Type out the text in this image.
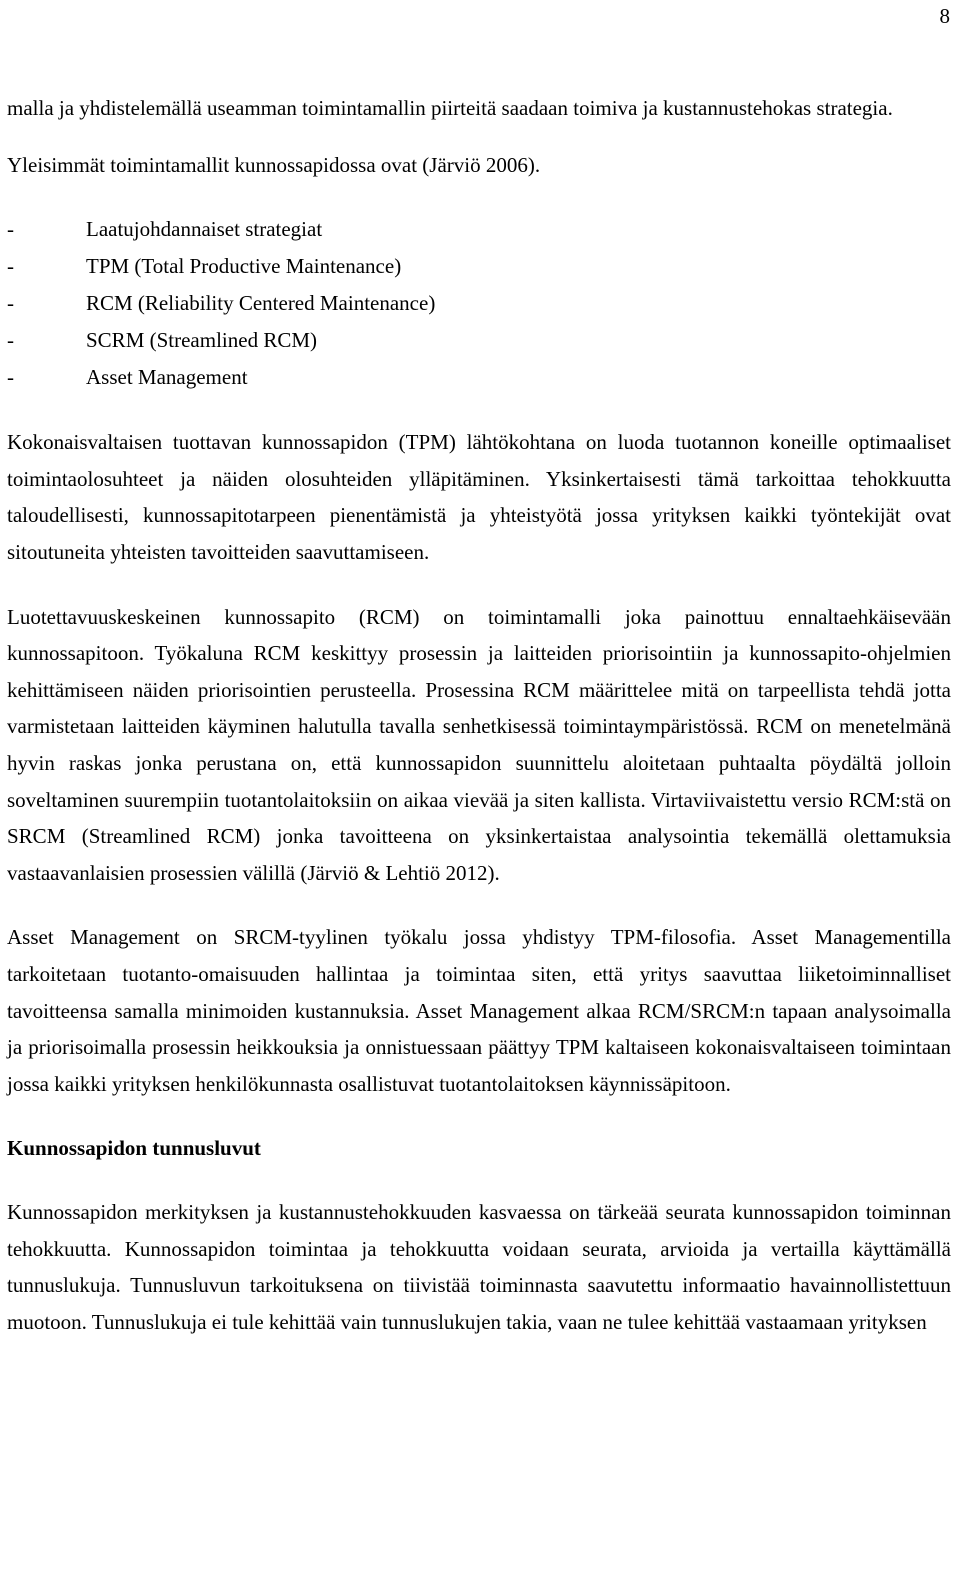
8

malla ja yhdistelemällä useamman toimintamallin piirteitä saadaan toimiva ja kustannustehokas strategia.

Yleisimmät toimintamallit kunnossapidossa ovat (Järviö 2006).

-	Laatujohdannaiset strategiat
-	TPM (Total Productive Maintenance)
-	RCM (Reliability Centered Maintenance)
-	SCRM (Streamlined RCM)
-	Asset Management

Kokonaisvaltaisen tuottavan kunnossapidon (TPM) lähtökohtana on luoda tuotannon koneille optimaaliset toimintaolosuhteet ja näiden olosuhteiden ylläpitäminen. Yksinkertaisesti tämä tarkoittaa tehokkuutta taloudellisesti, kunnossapitotarpeen pienentämistä ja yhteistyötä jossa yrityksen kaikki työntekijät ovat sitoutuneita yhteisten tavoitteiden saavuttamiseen.

Luotettavuuskeskeinen kunnossapito (RCM) on toimintamalli joka painottuu ennaltaehkäisevään kunnossapitoon. Työkaluna RCM keskittyy prosessin ja laitteiden priorisointiin ja kunnossapito-ohjelmien kehittämiseen näiden priorisointien perusteella. Prosessina RCM määrittelee mitä on tarpeellista tehdä jotta varmistetaan laitteiden käyminen halutulla tavalla senhetkisessä toimintaympäristössä. RCM on menetelmänä hyvin raskas jonka perustana on, että kunnossapidon suunnittelu aloitetaan puhtaalta pöydältä jolloin soveltaminen suurempiin tuotantolaitoksiin on aikaa vievää ja siten kallista. Virtaviivaistettu versio RCM:stä on SRCM (Streamlined RCM) jonka tavoitteena on yksinkertaistaa analysointia tekemällä olettamuksia vastaavanlaisien prosessien välillä (Järviö & Lehtiö 2012).

Asset Management on SRCM-tyylinen työkalu jossa yhdistyy TPM-filosofia. Asset Managementilla tarkoitetaan tuotanto-omaisuuden hallintaa ja toimintaa siten, että yritys saavuttaa liiketoiminnalliset tavoitteensa samalla minimoiden kustannuksia. Asset Management alkaa RCM/SRCM:n tapaan analysoimalla ja priorisoimalla prosessin heikkouksia ja onnistuessaan päättyy TPM kaltaiseen kokonaisvaltaiseen toimintaan jossa kaikki yrityksen henkilökunnasta osallistuvat tuotantolaitoksen käynnissäpitoon.

Kunnossapidon tunnusluvut

Kunnossapidon merkityksen ja kustannustehokkuuden kasvaessa on tärkeää seurata kunnossapidon toiminnan tehokkuutta. Kunnossapidon toimintaa ja tehokkuutta voidaan seurata, arvioida ja vertailla käyttämällä tunnuslukuja. Tunnusluvun tarkoituksena on tiivistää toiminnasta saavutettu informaatio havainnollistettuun muotoon. Tunnuslukuja ei tule kehittää vain tunnuslukujen takia, vaan ne tulee kehittää vastaamaan yrityksen
